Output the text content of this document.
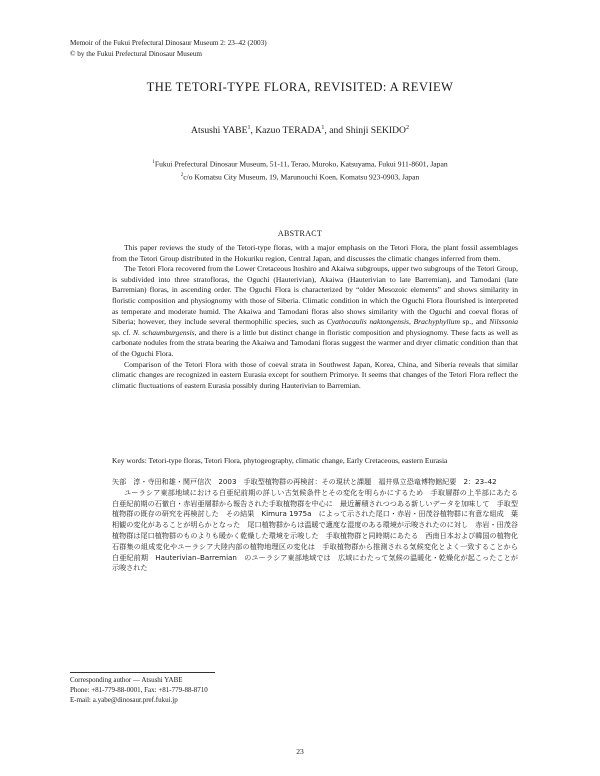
Memoir of the Fukui Prefectural Dinosaur Museum 2: 23–42 (2003)
© by the Fukui Prefectural Dinosaur Museum
THE TETORI-TYPE FLORA, REVISITED: A REVIEW
Atsushi YABE$^1$, Kazuo TERADA$^1$, and Shinji SEKIDO$^2$
$^1$Fukui Prefectural Dinosaur Museum, 51-11, Terao, Muroko, Katsuyama, Fukui 911-8601, Japan
$^2$c/o Komatsu City Museum, 19, Marunouchi Koen, Komatsu 923-0903, Japan
ABSTRACT

This paper reviews the study of the Tetori-type floras, with a major emphasis on the Tetori Flora, the plant fossil assemblages from the Tetori Group distributed in the Hokuriku region, Central Japan, and discusses the climatic changes inferred from them.

The Tetori Flora recovered from the Lower Cretaceous Itoshiro and Akaiwa subgroups, upper two subgroups of the Tetori Group, is subdivided into three stratofloras, the Oguchi (Hauterivian), Akaiwa (Hauterivian to late Barremian), and Tamodani (late Barremian) floras, in ascending order. The Oguchi Flora is characterized by “older Mesozoic elements” and shows similarity in floristic composition and physiognomy with those of Siberia. Climatic condition in which the Oguchi Flora flourished is interpreted as temperate and moderate humid. The Akaiwa and Tamodani floras also shows similarity with the Oguchi and coeval floras of Siberia; however, they include several thermophilic species, such as Cyathocaulis naktongensis, Brachyphyllum sp., and Nilssonia sp. cf. N. schaumburgensis, and there is a little but distinct change in floristic composition and physiognomy. These facts as well as carbonate nodules from the strata bearing the Akaiwa and Tamodani floras suggest the warmer and dryer climatic condition than that of the Oguchi Flora.

Comparison of the Tetori Flora with those of coeval strata in Southwest Japan, Korea, China, and Siberia reveals that similar climatic changes are recognized in eastern Eurasia except for southern Primorye. It seems that changes of the Tetori Flora reflect the climatic fluctuations of eastern Eurasia possibly during Hauterivian to Barremian.

Key words: Tetori-type floras, Tetori Flora, phytogeography, climatic change, Early Cretaceous, eastern Eurasia

矢部　淳・寺田和雄・関戸信次　2003　手取型植物群の再検討：その現状と課題　福井県立恐竜博物館紀要　2：23–42

ユーラシア東部地域における白亜紀前期の詳しい古気候条件とその変化を明らかにするため　手取層群の上半部にあたる　白亜紀前期の石徹白・赤岩亜層群から報告された手取植物群を中心に　最近蓄積されつつある新しいデータを加味して　手取型植物群の既存の研究を再検討した　その結果　Kimura 1975a　によって示された尾口・赤岩・田茂谷植物群に有意な組成　葉相観の変化があることが明らかとなった　尾口植物群からは温暖で適度な湿度のある環境が示唆されたのに対し　赤岩・田茂谷植物群は尾口植物群のものよりも暖かく乾燥した環境を示唆した　手取植物群と同時期にあたる　西南日本および韓国の植物化石群集の組成変化やユーラシア大陸内部の植物地理区の変化は　手取植物群から推測される気候変化とよく一致することから　白亜紀前期　Hauterivian–Barremian　のユーラシア東部地域では　広域にわたって気候の温暖化・乾燥化が起こったことが示唆された

Corresponding author — Atsushi YABE
Phone: +81-779-88-0001, Fax: +81-779-88-8710
E-mail: a.yabe@dinosaur.pref.fukui.jp
23
